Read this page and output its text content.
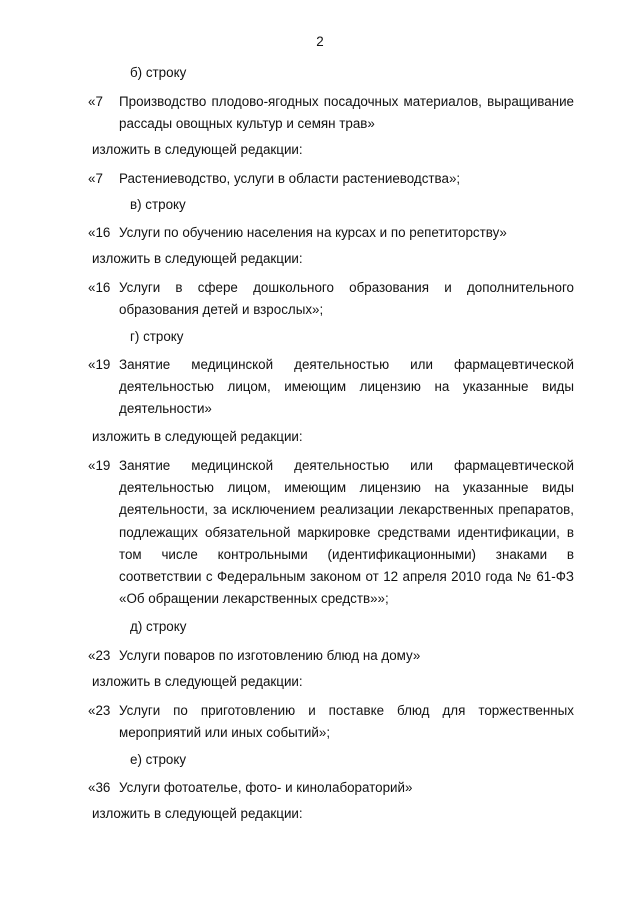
2
б) строку
«7 Производство плодово-ягодных посадочных материалов, выращивание рассады овощных культур и семян трав»
изложить в следующей редакции:
«7 Растениеводство, услуги в области растениеводства»;
в) строку
«16 Услуги по обучению населения на курсах и по репетиторству»
изложить в следующей редакции:
«16 Услуги в сфере дошкольного образования и дополнительного образования детей и взрослых»;
г) строку
«19 Занятие медицинской деятельностью или фармацевтической деятельностью лицом, имеющим лицензию на указанные виды деятельности»
изложить в следующей редакции:
«19 Занятие медицинской деятельностью или фармацевтической деятельностью лицом, имеющим лицензию на указанные виды деятельности, за исключением реализации лекарственных препаратов, подлежащих обязательной маркировке средствами идентификации, в том числе контрольными (идентификационными) знаками в соответствии с Федеральным законом от 12 апреля 2010 года № 61-ФЗ «Об обращении лекарственных средств»»;
д) строку
«23 Услуги поваров по изготовлению блюд на дому»
изложить в следующей редакции:
«23 Услуги по приготовлению и поставке блюд для торжественных мероприятий или иных событий»;
е) строку
«36 Услуги фотоателье, фото- и кинолабораторий»
изложить в следующей редакции:
